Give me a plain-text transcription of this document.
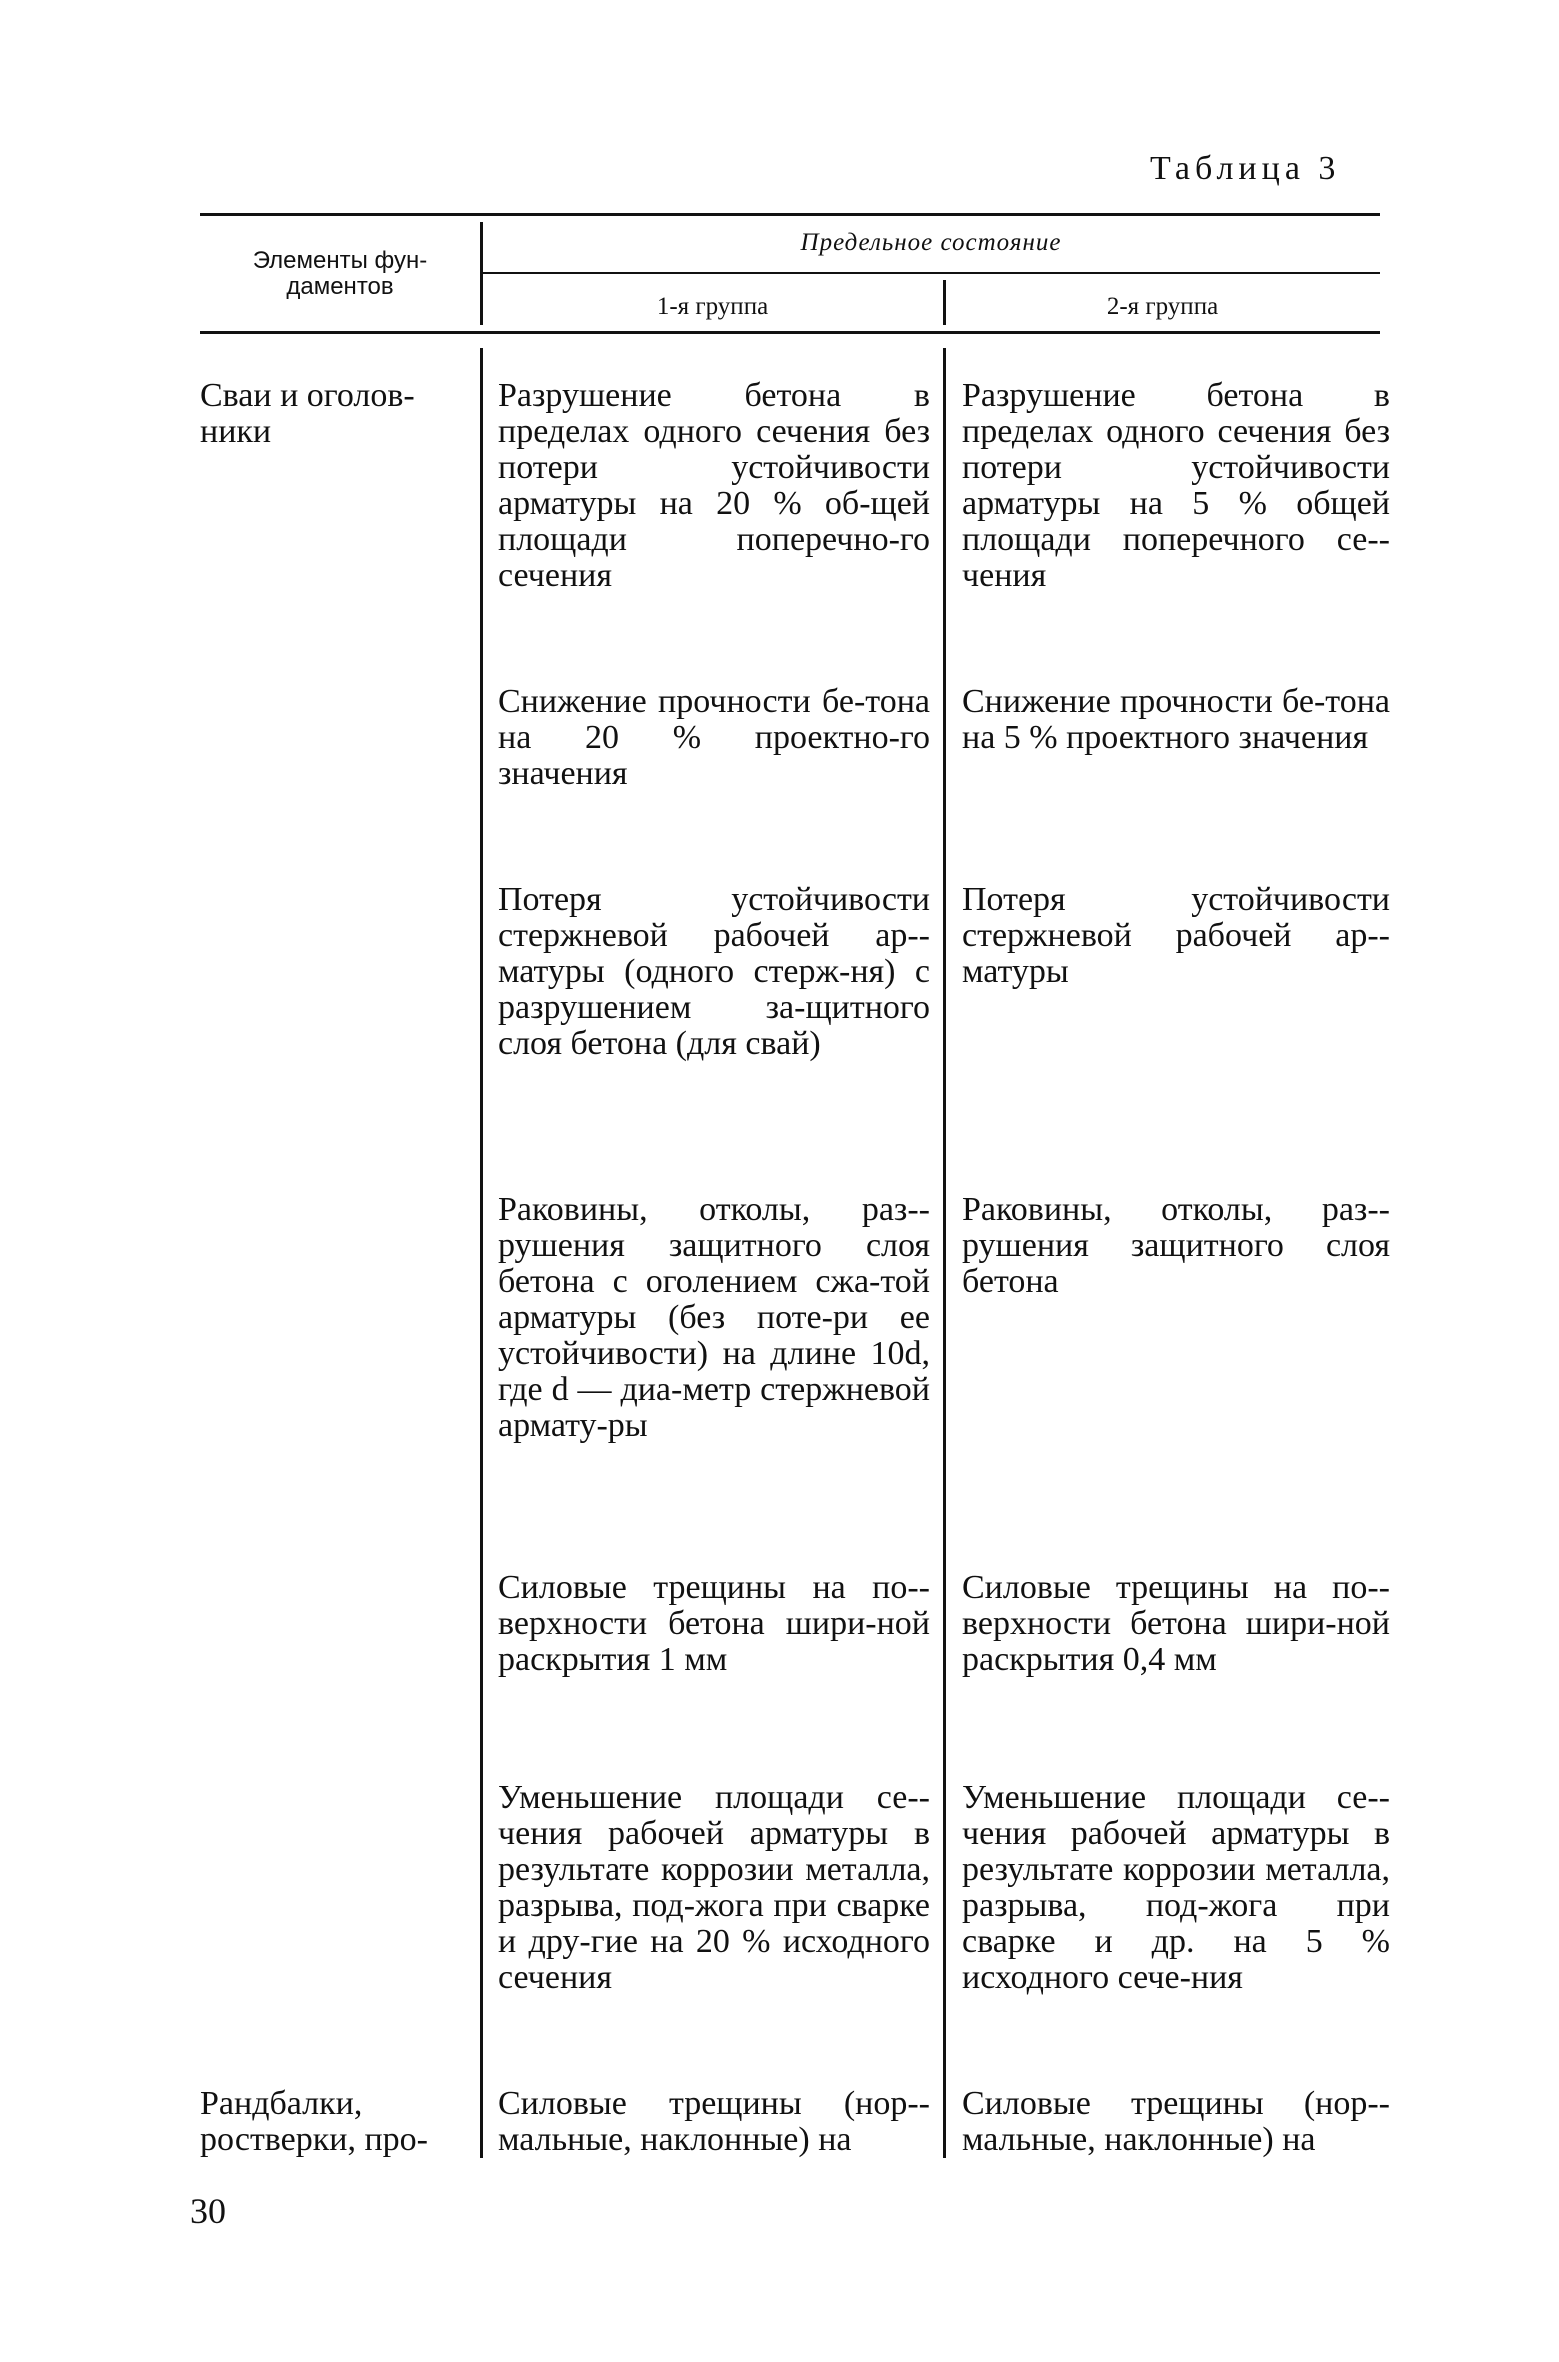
Таблица 3
Элементы фун-
даментов
Предельное состояние
1-я группа	2-я группа
Сваи и оголов-
ники
Разрушение бетона в пределах одного сечения без потери устойчивости арматуры на 20 % об-щей площади поперечно-го сечения
Разрушение бетона в пределах одного сечения без потери устойчивости арматуры на 5 % общей площади поперечного се-чения
Снижение прочности бе-тона на 20 % проектно-го значения
Снижение прочности бе-тона на 5 % проектного значения
Потеря устойчивости стержневой рабочей ар-матуры (одного стерж-ня) с разрушением за-щитного слоя бетона (для свай)
Потеря устойчивости стержневой рабочей ар-матуры
Раковины, отколы, раз-рушения защитного слоя бетона с оголением сжа-той арматуры (без поте-ри ее устойчивости) на длине 10d, где d — диа-метр стержневой армату-ры
Раковины, отколы, раз-рушения защитного слоя бетона
Силовые трещины на по-верхности бетона шири-ной раскрытия 1 мм
Силовые трещины на по-верхности бетона шири-ной раскрытия 0,4 мм
Уменьшение площади се-чения рабочей арматуры в результате коррозии металла, разрыва, под-жога при сварке и дру-гие на 20 % исходного сечения
Уменьшение площади се-чения рабочей арматуры в результате коррозии металла, разрыва, под-жога при сварке и др. на 5 % исходного сече-ния
Рандбалки, ростверки, про-
Силовые трещины (нор-мальные, наклонные) на
Силовые трещины (нор-мальные, наклонные) на
30
